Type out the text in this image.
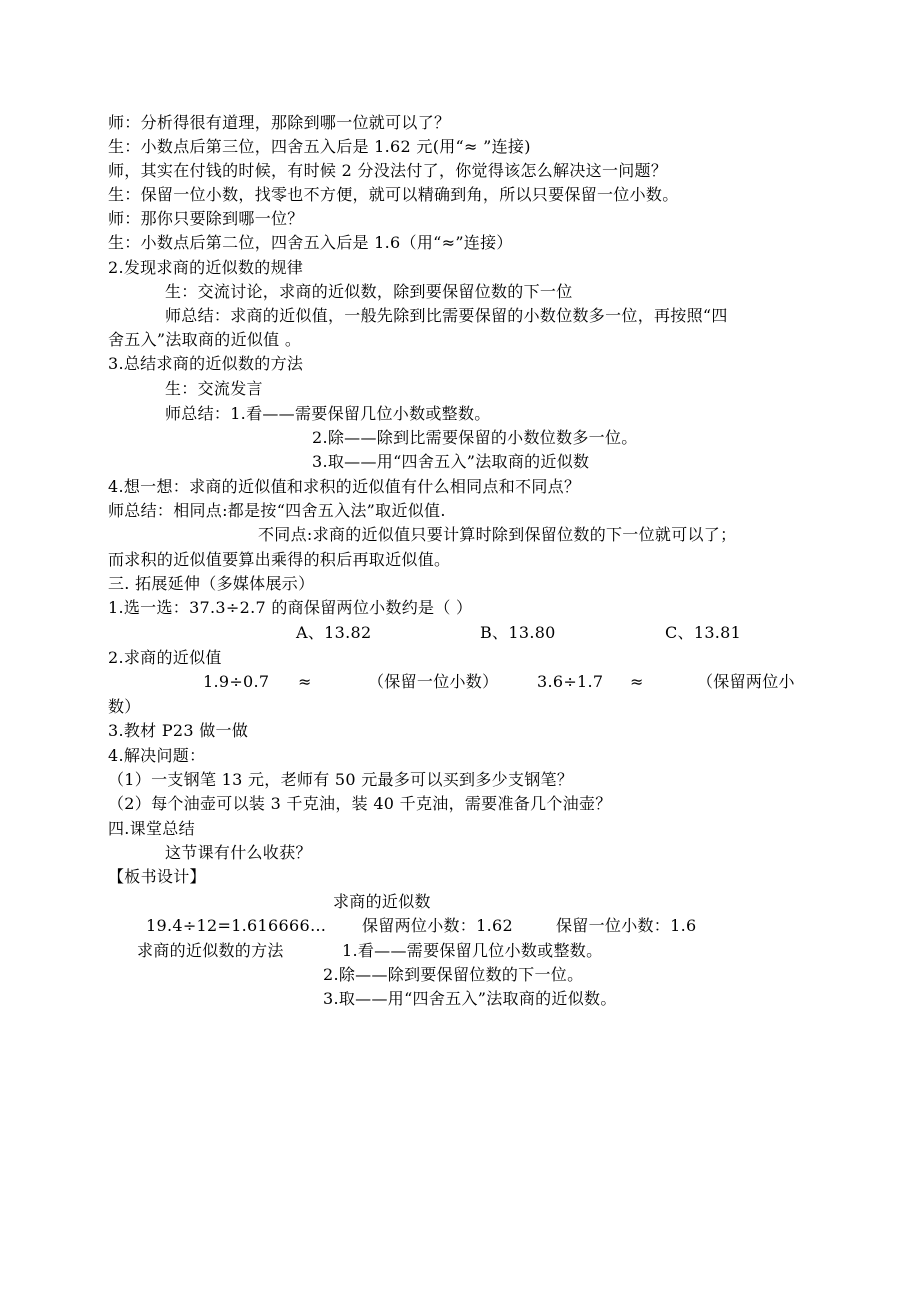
师：分析得很有道理，那除到哪一位就可以了？
生：小数点后第三位，四舍五入后是 1.62 元(用“≈ ”连接)
师，其实在付钱的时候，有时候 2 分没法付了，你觉得该怎么解决这一问题？
生：保留一位小数，找零也不方便，就可以精确到角，所以只要保留一位小数。
师：那你只要除到哪一位？
生：小数点后第二位，四舍五入后是 1.6（用“≈”连接）
2.发现求商的近似数的规律
生：交流讨论，求商的近似数，除到要保留位数的下一位
师总结：求商的近似值，一般先除到比需要保留的小数位数多一位，再按照“四
舍五入”法取商的近似值 。
3.总结求商的近似数的方法
生：交流发言
师总结：1.看——需要保留几位小数或整数。
2.除——除到比需要保留的小数位数多一位。
3.取——用“四舍五入”法取商的近似数
4.想一想：求商的近似值和求积的近似值有什么相同点和不同点？
师总结：相同点:都是按“四舍五入法”取近似值.
不同点:求商的近似值只要计算时除到保留位数的下一位就可以了；
而求积的近似值要算出乘得的积后再取近似值。
三. 拓展延伸（多媒体展示）
1.选一选：37.3÷2.7 的商保留两位小数约是（ ）
A、13.82	B、13.80	C、13.81
2.求商的近似值
1.9÷0.7 ≈	（保留一位小数） 3.6÷1.7 ≈	（保留两位小
数）
3.教材 P23 做一做
4.解决问题：
（1）一支钢笔 13 元，老师有 50 元最多可以买到多少支钢笔？
（2）每个油壶可以装 3 千克油，装 40 千克油，需要准备几个油壶？
四.课堂总结
这节课有什么收获？
【板书设计】
求商的近似数
19.4÷12=1.616666… 保留两位小数：1.62	保留一位小数：1.6
求商的近似数的方法	1.看——需要保留几位小数或整数。
2.除——除到要保留位数的下一位。
3.取——用“四舍五入”法取商的近似数。
